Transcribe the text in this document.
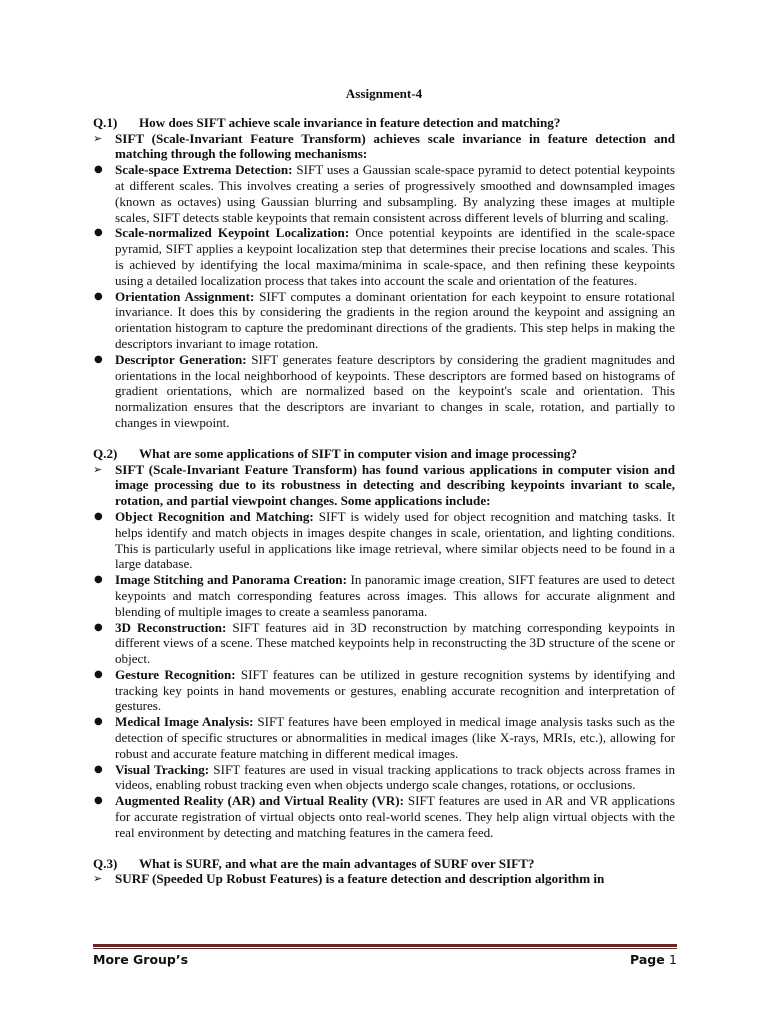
Assignment-4

Q.1) How does SIFT achieve scale invariance in feature detection and matching?

➢ SIFT (Scale-Invariant Feature Transform) achieves scale invariance in feature detection and matching through the following mechanisms:

● Scale-space Extrema Detection: SIFT uses a Gaussian scale-space pyramid to detect potential keypoints at different scales. This involves creating a series of progressively smoothed and downsampled images (known as octaves) using Gaussian blurring and subsampling. By analyzing these images at multiple scales, SIFT detects stable keypoints that remain consistent across different levels of blurring and scaling.
● Scale-normalized Keypoint Localization: Once potential keypoints are identified in the scale-space pyramid, SIFT applies a keypoint localization step that determines their precise locations and scales. This is achieved by identifying the local maxima/minima in scale-space, and then refining these keypoints using a detailed localization process that takes into account the scale and orientation of the features.
● Orientation Assignment: SIFT computes a dominant orientation for each keypoint to ensure rotational invariance. It does this by considering the gradients in the region around the keypoint and assigning an orientation histogram to capture the predominant directions of the gradients. This step helps in making the descriptors invariant to image rotation.
● Descriptor Generation: SIFT generates feature descriptors by considering the gradient magnitudes and orientations in the local neighborhood of keypoints. These descriptors are formed based on histograms of gradient orientations, which are normalized based on the keypoint's scale and orientation. This normalization ensures that the descriptors are invariant to changes in scale, rotation, and partially to changes in viewpoint.

Q.2) What are some applications of SIFT in computer vision and image processing?

➢ SIFT (Scale-Invariant Feature Transform) has found various applications in computer vision and image processing due to its robustness in detecting and describing keypoints invariant to scale, rotation, and partial viewpoint changes. Some applications include:

● Object Recognition and Matching: SIFT is widely used for object recognition and matching tasks. It helps identify and match objects in images despite changes in scale, orientation, and lighting conditions. This is particularly useful in applications like image retrieval, where similar objects need to be found in a large database.
● Image Stitching and Panorama Creation: In panoramic image creation, SIFT features are used to detect keypoints and match corresponding features across images. This allows for accurate alignment and blending of multiple images to create a seamless panorama.
● 3D Reconstruction: SIFT features aid in 3D reconstruction by matching corresponding keypoints in different views of a scene. These matched keypoints help in reconstructing the 3D structure of the scene or object.
● Gesture Recognition: SIFT features can be utilized in gesture recognition systems by identifying and tracking key points in hand movements or gestures, enabling accurate recognition and interpretation of gestures.
● Medical Image Analysis: SIFT features have been employed in medical image analysis tasks such as the detection of specific structures or abnormalities in medical images (like X-rays, MRIs, etc.), allowing for robust and accurate feature matching in different medical images.
● Visual Tracking: SIFT features are used in visual tracking applications to track objects across frames in videos, enabling robust tracking even when objects undergo scale changes, rotations, or occlusions.
● Augmented Reality (AR) and Virtual Reality (VR): SIFT features are used in AR and VR applications for accurate registration of virtual objects onto real-world scenes. They help align virtual objects with the real environment by detecting and matching features in the camera feed.

Q.3) What is SURF, and what are the main advantages of SURF over SIFT?

➢ SURF (Speeded Up Robust Features) is a feature detection and description algorithm in

More Group’s	Page 1
